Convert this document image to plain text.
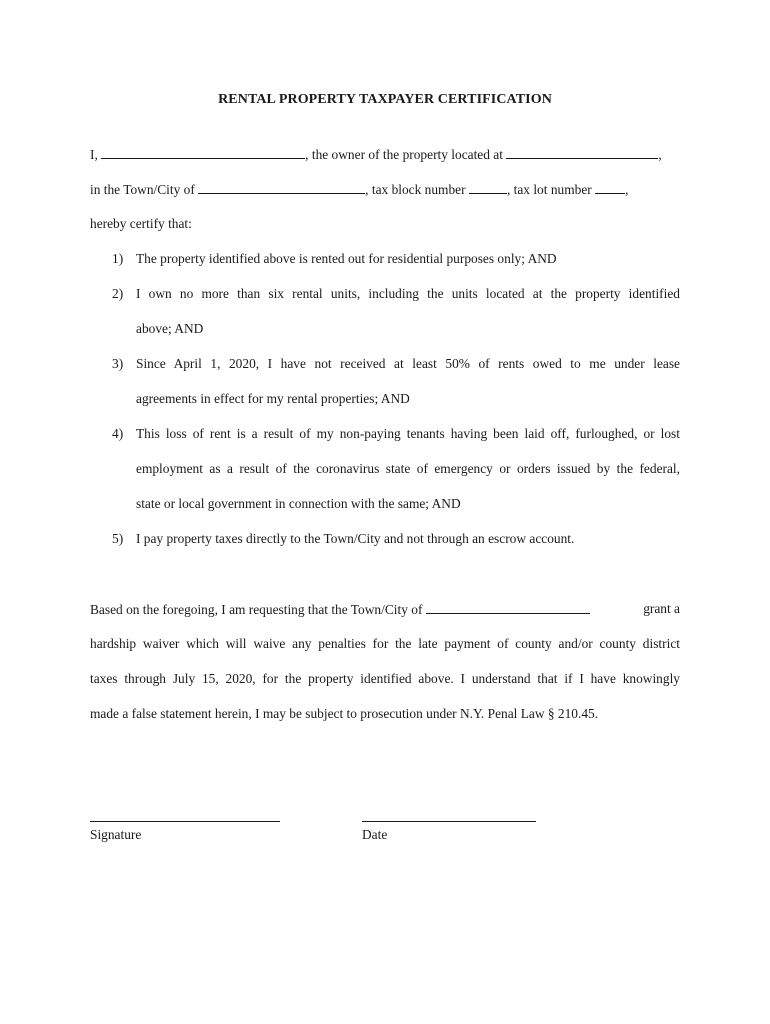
RENTAL PROPERTY TAXPAYER CERTIFICATION
I,	, the owner of the property located at	,
in the Town/City of	, tax block number	, tax lot number ,
hereby certify that:
1) The property identified above is rented out for residential purposes only; AND
2) I own no more than six rental units, including the units located at the property identified
above; AND
3) Since April 1, 2020, I have not received at least 50% of rents owed to me under lease
agreements in effect for my rental properties; AND
4) This loss of rent is a result of my non-paying tenants having been laid off, furloughed, or lost
employment as a result of the coronavirus state of emergency or orders issued by the federal,
state or local government in connection with the same; AND
5) I pay property taxes directly to the Town/City and not through an escrow account.
Based on the foregoing, I am requesting that the Town/City of	grant a
hardship waiver which will waive any penalties for the late payment of county and/or county district
taxes through July 15, 2020, for the property identified above. I understand that if I have knowingly
made a false statement herein, I may be subject to prosecution under N.Y. Penal Law § 210.45.
Signature	Date
